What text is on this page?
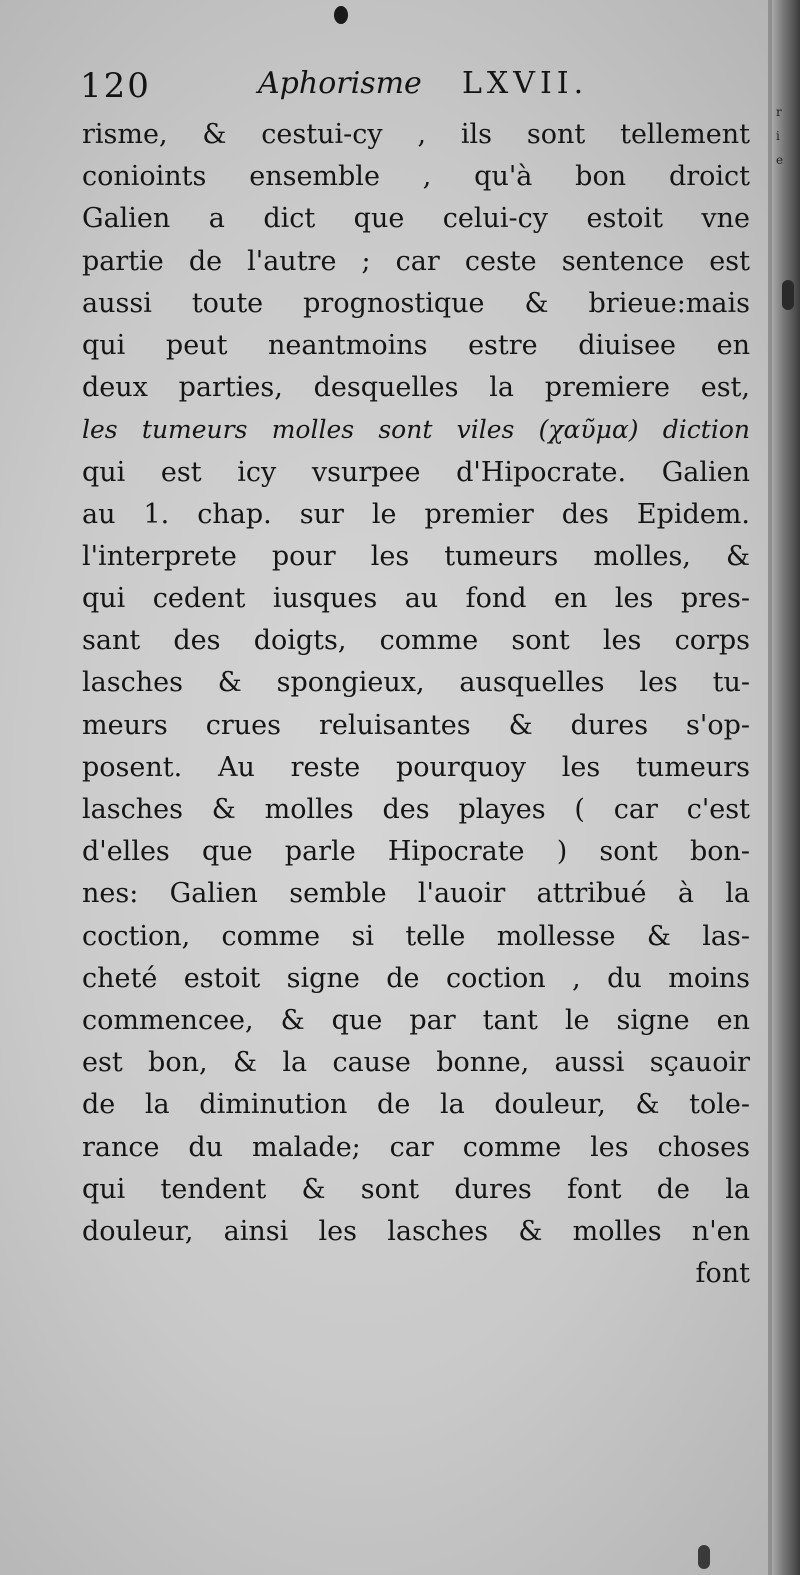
120	Aphorisme LXVII.
risme, & cestui-cy , ils sont tellement
conioints ensemble , qu'à bon droict
Galien a dict que celui-cy estoit vne
partie de l'autre ; car ceste sentence est
aussi toute prognostique & brieue:mais
qui peut neantmoins estre diuisee en
deux parties, desquelles la premiere est,
les tumeurs molles sont viles (χαῦμα) diction
qui est icy vsurpee d'Hipocrate. Galien
au 1. chap. sur le premier des Epidem.
l'interprete pour les tumeurs molles, &
qui cedent iusques au fond en les pres-
sant des doigts, comme sont les corps
lasches & spongieux, ausquelles les tu-
meurs crues reluisantes & dures s'op-
posent. Au reste pourquoy les tumeurs
lasches & molles des playes ( car c'est
d'elles que parle Hipocrate ) sont bon-
nes: Galien semble l'auoir attribué à la
coction, comme si telle mollesse & las-
cheté estoit signe de coction , du moins
commencee, & que par tant le signe en
est bon, & la cause bonne, aussi sçauoir
de la diminution de la douleur, & tole-
rance du malade; car comme les choses
qui tendent & sont dures font de la
douleur, ainsi les lasches & molles n'en
font
r
i
e
